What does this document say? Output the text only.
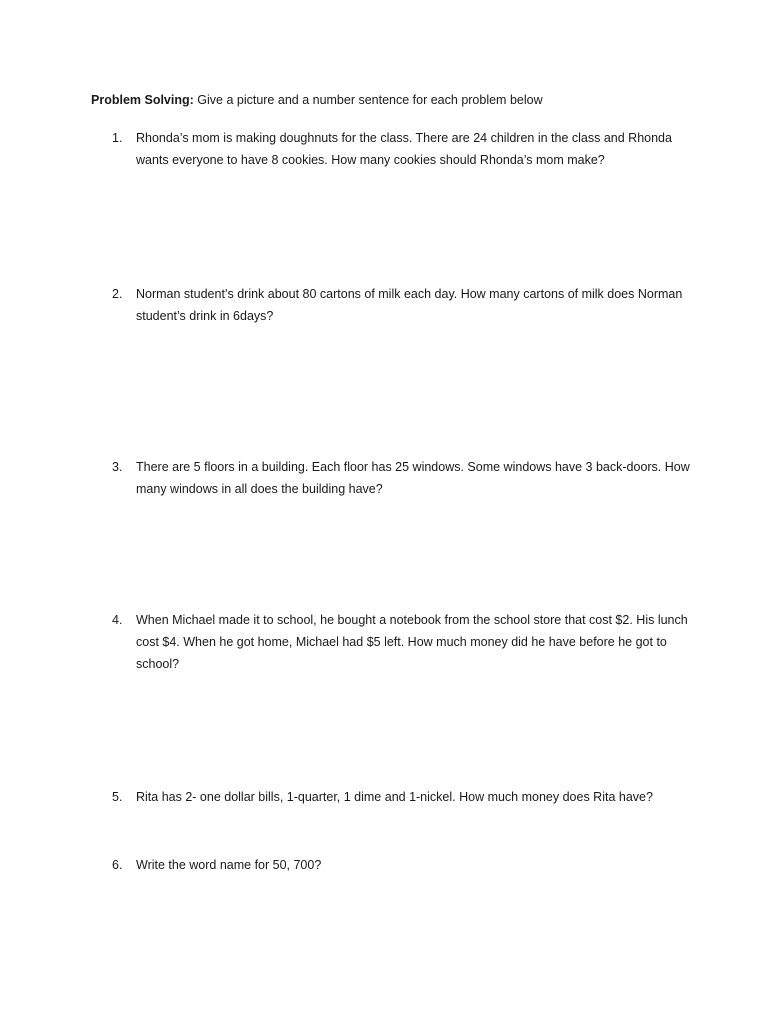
Problem Solving: Give a picture and a number sentence for each problem below
1.	Rhonda’s mom is making doughnuts for the class. There are 24 children in the class and Rhonda wants everyone to have 8 cookies. How many cookies should Rhonda’s mom make?
2.	Norman student’s drink about 80 cartons of milk each day. How many cartons of milk does Norman student’s drink in 6days?
3.	There are 5 floors in a building. Each floor has 25 windows. Some windows have 3 back-doors. How many windows in all does the building have?
4.	When Michael made it to school, he bought a notebook from the school store that cost $2. His lunch cost $4. When he got home, Michael had $5 left. How much money did he have before he got to school?
5.	Rita has 2- one dollar bills, 1-quarter, 1 dime and 1-nickel. How much money does Rita have?
6.	Write the word name for 50, 700?
